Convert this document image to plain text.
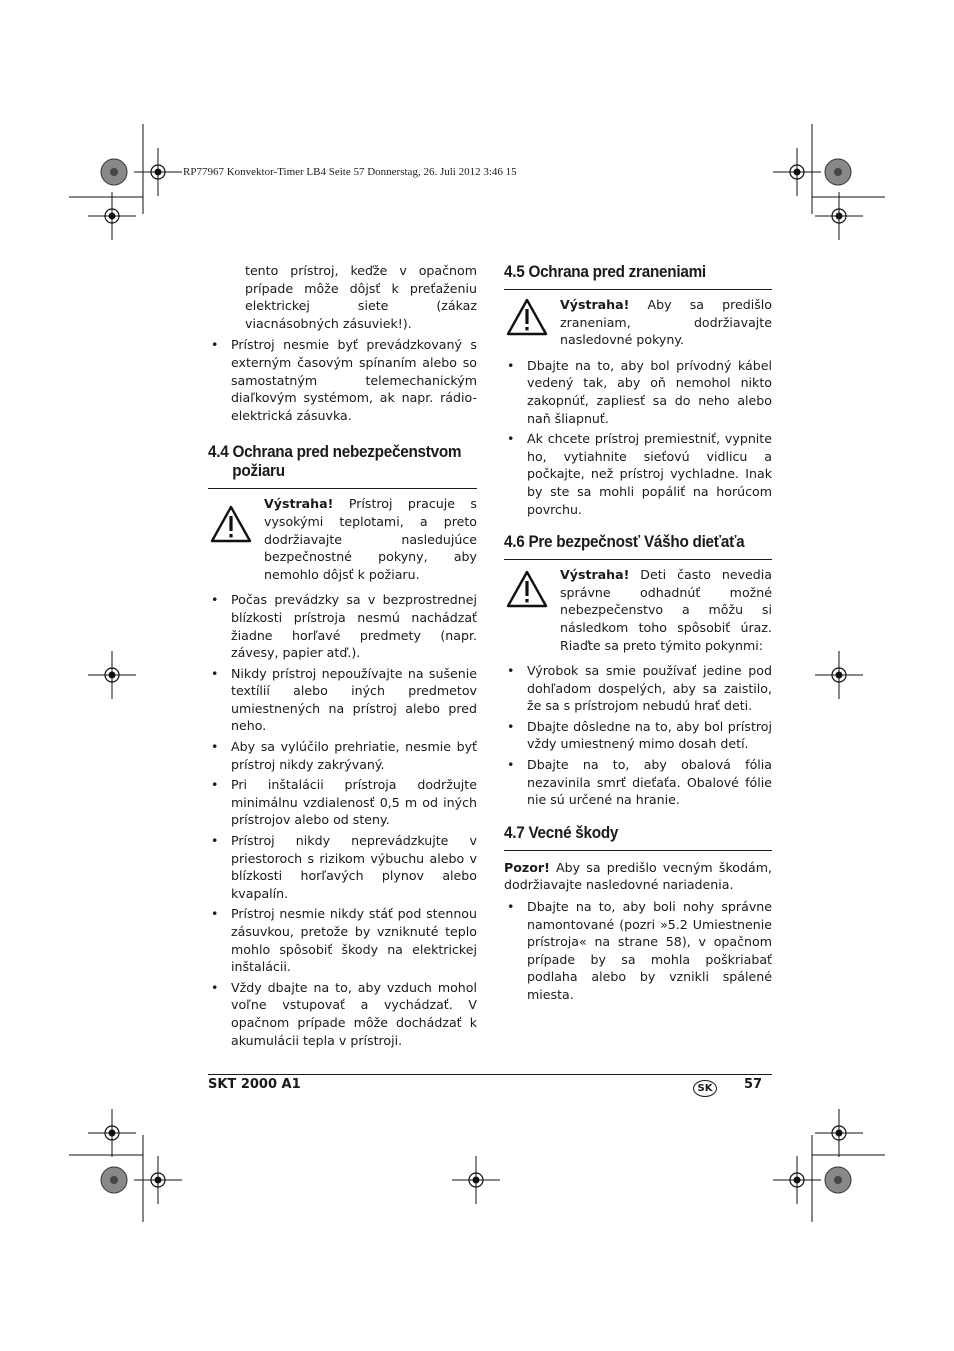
RP77967 Konvektor-Timer LB4 Seite 57 Donnerstag, 26. Juli 2012 3:46 15

tento prístroj, keďže v opačnom prípade môže dôjsť k preťaženiu elektrickej siete (zákaz viacnásobných zásuviek!).

• Prístroj nesmie byť prevádzkovaný s externým časovým spínaním alebo so samostatným telemechanickým diaľkovým systémom, ak napr. rádio-elektrická zásuvka.
4.4 Ochrana pred nebezpečenstvom
požiaru

Výstraha! Prístroj pracuje s vysokými teplotami, a preto dodržiavajte nasledujúce bezpečnostné pokyny, aby nemohlo dôjsť k požiaru.

• Počas prevádzky sa v bezprostrednej blízkosti prístroja nesmú nachádzať žiadne horľavé predmety (napr. závesy, papier atď.).
• Nikdy prístroj nepoužívajte na sušenie textílií alebo iných predmetov umiestnených na prístroj alebo pred neho.
• Aby sa vylúčilo prehriatie, nesmie byť prístroj nikdy zakrývaný.
• Pri inštalácii prístroja dodržujte minimálnu vzdialenosť 0,5 m od iných prístrojov alebo od steny.
• Prístroj nikdy neprevádzkujte v priestoroch s rizikom výbuchu alebo v blízkosti horľavých plynov alebo kvapalín.
• Prístroj nesmie nikdy stáť pod stennou zásuvkou, pretože by vzniknuté teplo mohlo spôsobiť škody na elektrickej inštalácii.
• Vždy dbajte na to, aby vzduch mohol voľne vstupovať a vychádzať. V opačnom prípade môže dochádzať k akumulácii tepla v prístroji.
4.5 Ochrana pred zraneniami

Výstraha! Aby sa predišlo zraneniam, dodržiavajte nasledovné pokyny.

• Dbajte na to, aby bol prívodný kábel vedený tak, aby oň nemohol nikto zakopnúť, zapliesť sa do neho alebo naň šliapnuť.
• Ak chcete prístroj premiestniť, vypnite ho, vytiahnite sieťovú vidlicu a počkajte, než prístroj vychladne. Inak by ste sa mohli popáliť na horúcom povrchu.
4.6 Pre bezpečnosť Vášho dieťaťa

Výstraha! Deti často nevedia správne odhadnúť možné nebezpečenstvo a môžu si následkom toho spôsobiť úraz. Riaďte sa preto týmito pokynmi:

• Výrobok sa smie používať jedine pod dohľadom dospelých, aby sa zaistilo, že sa s prístrojom nebudú hrať deti.
• Dbajte dôsledne na to, aby bol prístroj vždy umiestnený mimo dosah detí.
• Dbajte na to, aby obalová fólia nezavinila smrť dieťaťa. Obalové fólie nie sú určené na hranie.
4.7 Vecné škody

Pozor! Aby sa predišlo vecným škodám, dodržiavajte nasledovné nariadenia.

• Dbajte na to, aby boli nohy správne namontované (pozri »5.2 Umiestnenie prístroja« na strane 58), v opačnom prípade by sa mohla poškriabať podlaha alebo by vznikli spálené miesta.
SKT 2000 A1	SK	57
